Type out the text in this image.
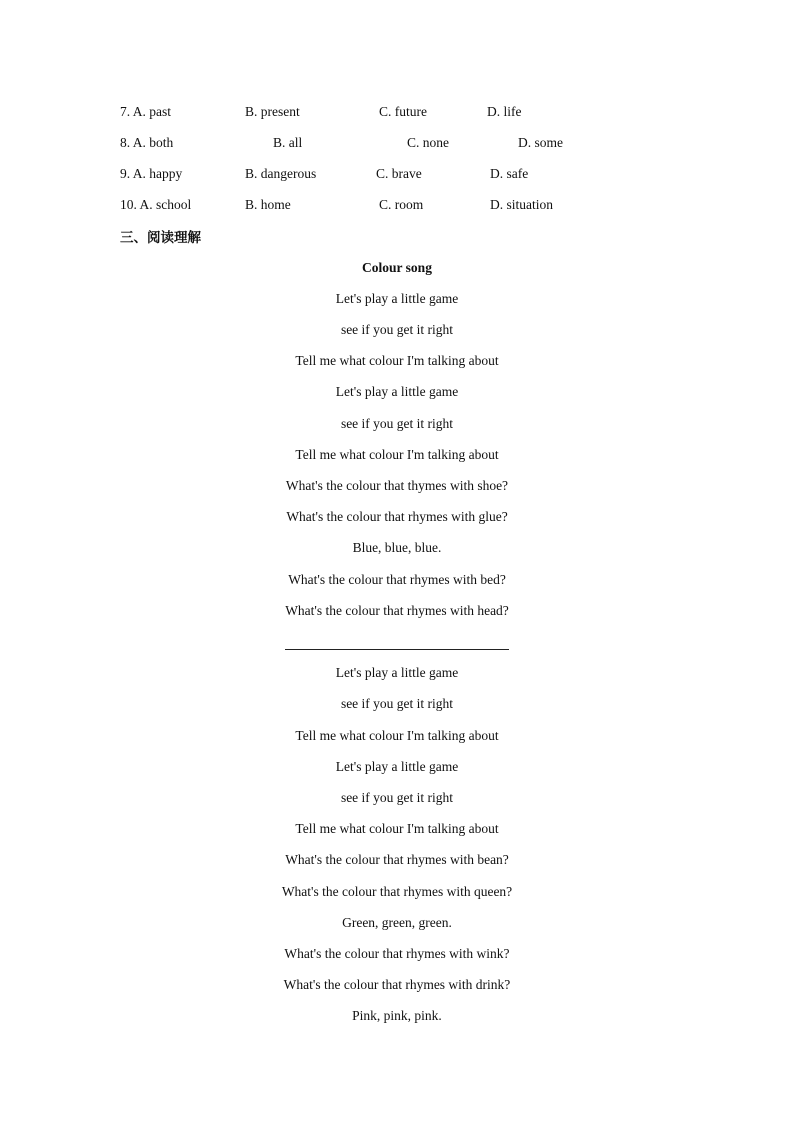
7. A. past	B. present	C. future	D. life
8. A. both	B. all	C. none	D. some
9. A. happy	B. dangerous	C. brave	D. safe
10. A. school	B. home	C. room	D. situation
三、阅读理解
Colour song
Let's play a little game
see if you get it right
Tell me what colour I'm talking about
Let's play a little game
see if you get it right
Tell me what colour I'm talking about
What's the colour that thymes with shoe?
What's the colour that rhymes with glue?
Blue, blue, blue.
What's the colour that rhymes with bed?
What's the colour that rhymes with head?
Let's play a little game
see if you get it right
Tell me what colour I'm talking about
Let's play a little game
see if you get it right
Tell me what colour I'm talking about
What's the colour that rhymes with bean?
What's the colour that rhymes with queen?
Green, green, green.
What's the colour that rhymes with wink?
What's the colour that rhymes with drink?
Pink, pink, pink.
